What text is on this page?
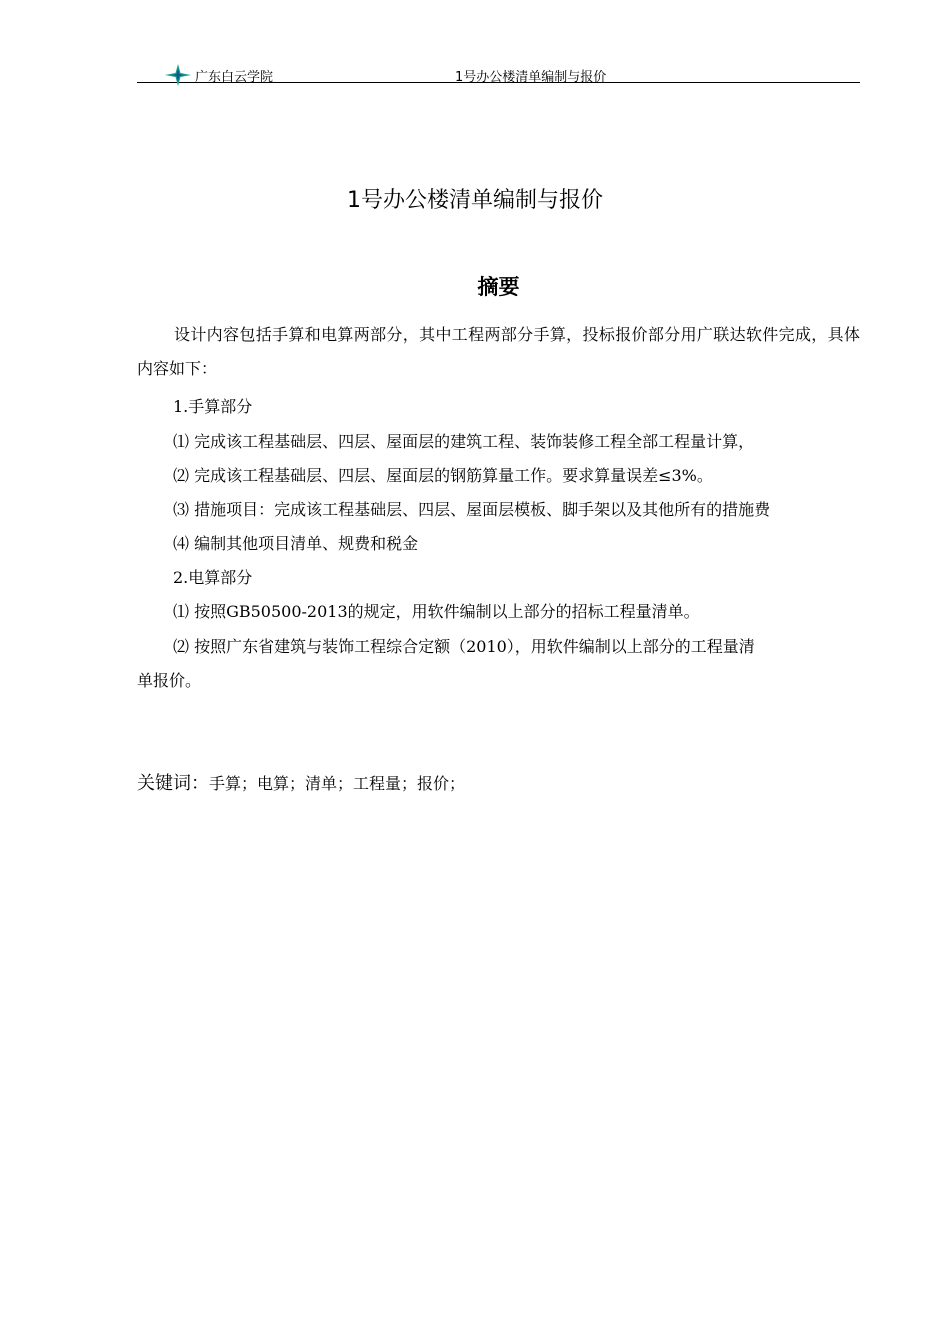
广东白云学院	1号办公楼清单编制与报价
1号办公楼清单编制与报价
摘要
设计内容包括手算和电算两部分，其中工程两部分手算，投标报价部分用广联达软件完成，具体内容如下：
1.手算部分
⑴ 完成该工程基础层、四层、屋面层的建筑工程、装饰装修工程全部工程量计算，
⑵ 完成该工程基础层、四层、屋面层的钢筋算量工作。要求算量误差≤3%。
⑶ 措施项目：完成该工程基础层、四层、屋面层模板、脚手架以及其他所有的措施费
⑷ 编制其他项目清单、规费和税金
2.电算部分
⑴ 按照GB50500-2013的规定，用软件编制以上部分的招标工程量清单。
⑵ 按照广东省建筑与装饰工程综合定额（2010），用软件编制以上部分的工程量清
单报价。
关键词：手算；电算；清单；工程量；报价；
